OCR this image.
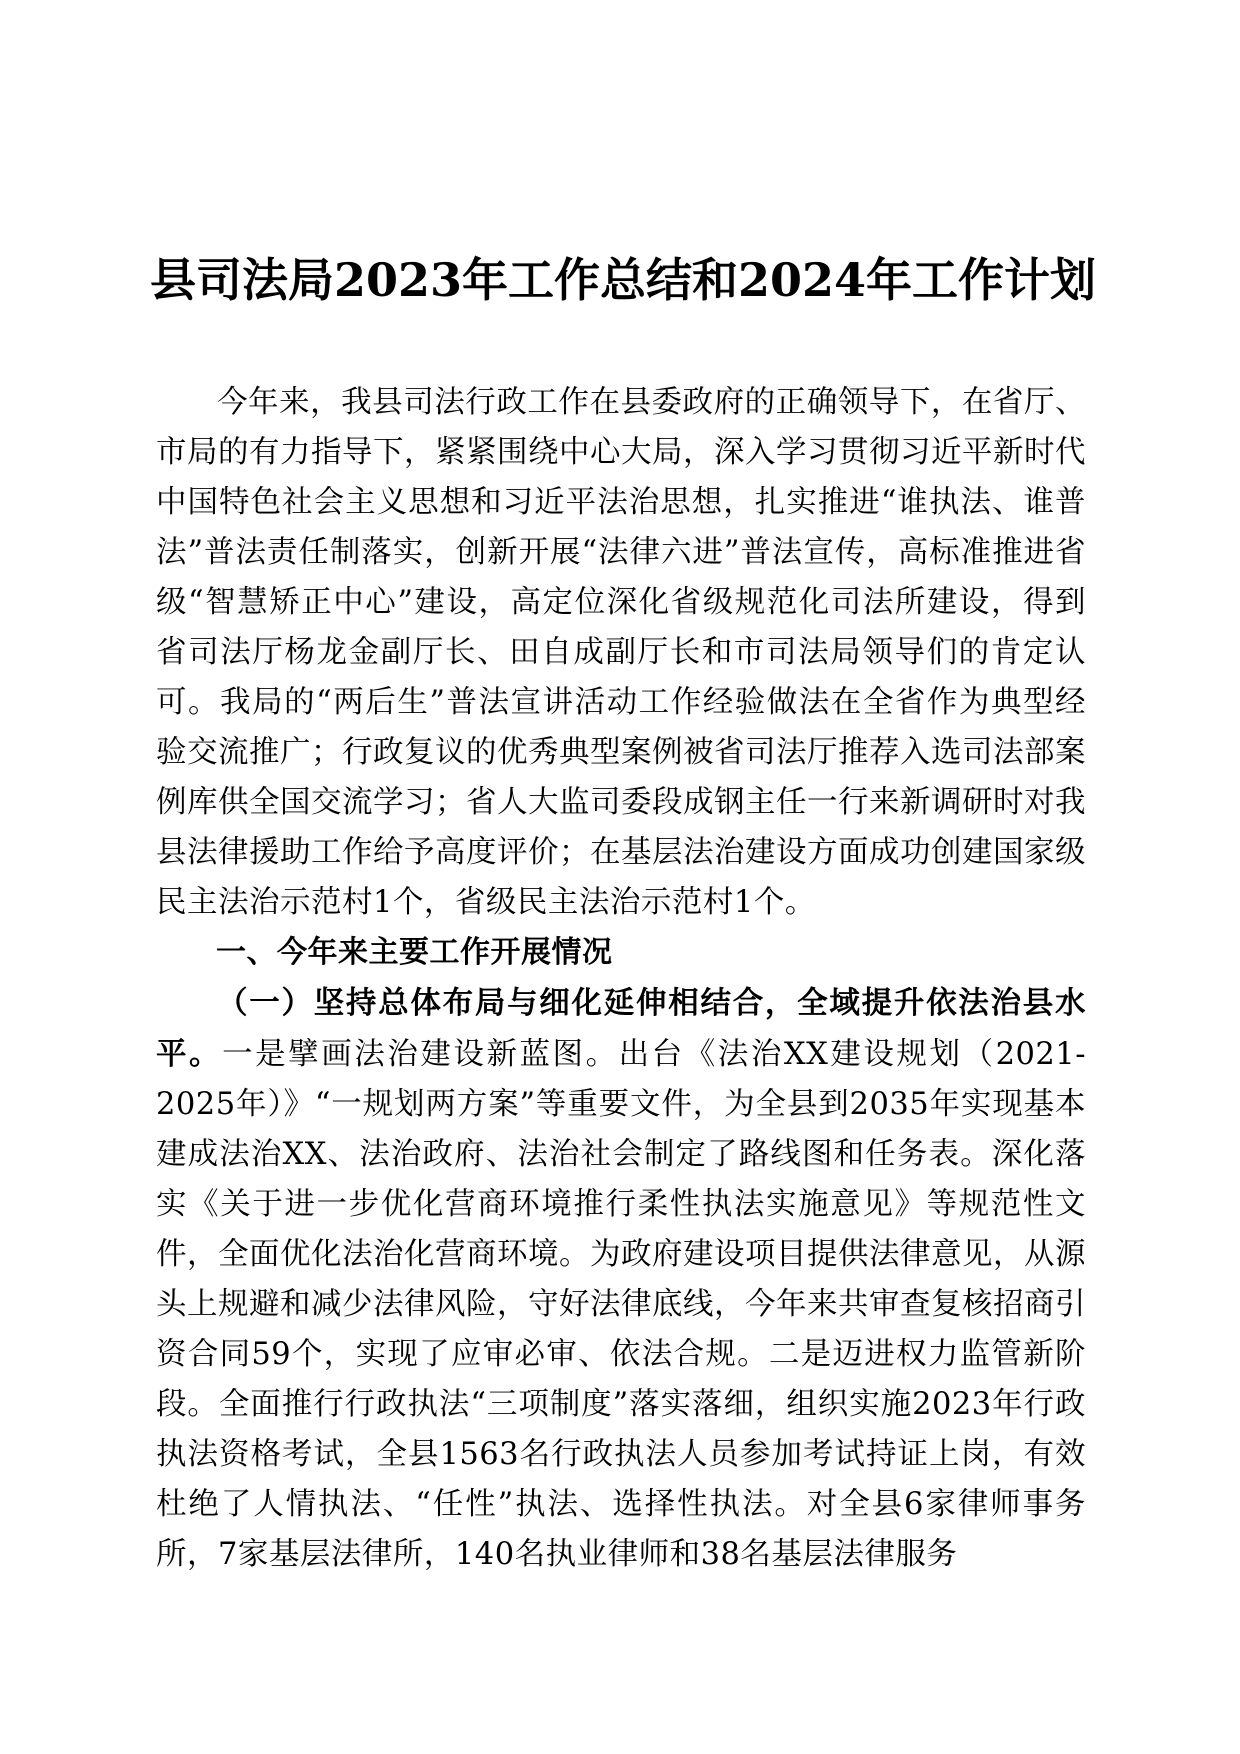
县司法局2023年工作总结和2024年工作计划

今年来，我县司法行政工作在县委政府的正确领导下，在省厅、市局的有力指导下，紧紧围绕中心大局，深入学习贯彻习近平新时代中国特色社会主义思想和习近平法治思想，扎实推进“谁执法、谁普法”普法责任制落实，创新开展“法律六进”普法宣传，高标准推进省级“智慧矫正中心”建设，高定位深化省级规范化司法所建设，得到省司法厅杨龙金副厅长、田自成副厅长和市司法局领导们的肯定认可。我局的“两后生”普法宣讲活动工作经验做法在全省作为典型经验交流推广；行政复议的优秀典型案例被省司法厅推荐入选司法部案例库供全国交流学习；省人大监司委段成钢主任一行来新调研时对我县法律援助工作给予高度评价；在基层法治建设方面成功创建国家级民主法治示范村1个，省级民主法治示范村1个。

一、今年来主要工作开展情况

（一）坚持总体布局与细化延伸相结合，全域提升依法治县水平。一是擘画法治建设新蓝图。出台《法治XX建设规划（2021-2025年）》“一规划两方案”等重要文件，为全县到2035年实现基本建成法治XX、法治政府、法治社会制定了路线图和任务表。深化落实《关于进一步优化营商环境推行柔性执法实施意见》等规范性文件，全面优化法治化营商环境。为政府建设项目提供法律意见，从源头上规避和减少法律风险，守好法律底线，今年来共审查复核招商引资合同59个，实现了应审必审、依法合规。二是迈进权力监管新阶段。全面推行行政执法“三项制度”落实落细，组织实施2023年行政执法资格考试，全县1563名行政执法人员参加考试持证上岗，有效杜绝了人情执法、“任性”执法、选择性执法。对全县6家律师事务所，7家基层法律所，140名执业律师和38名基层法律服务
